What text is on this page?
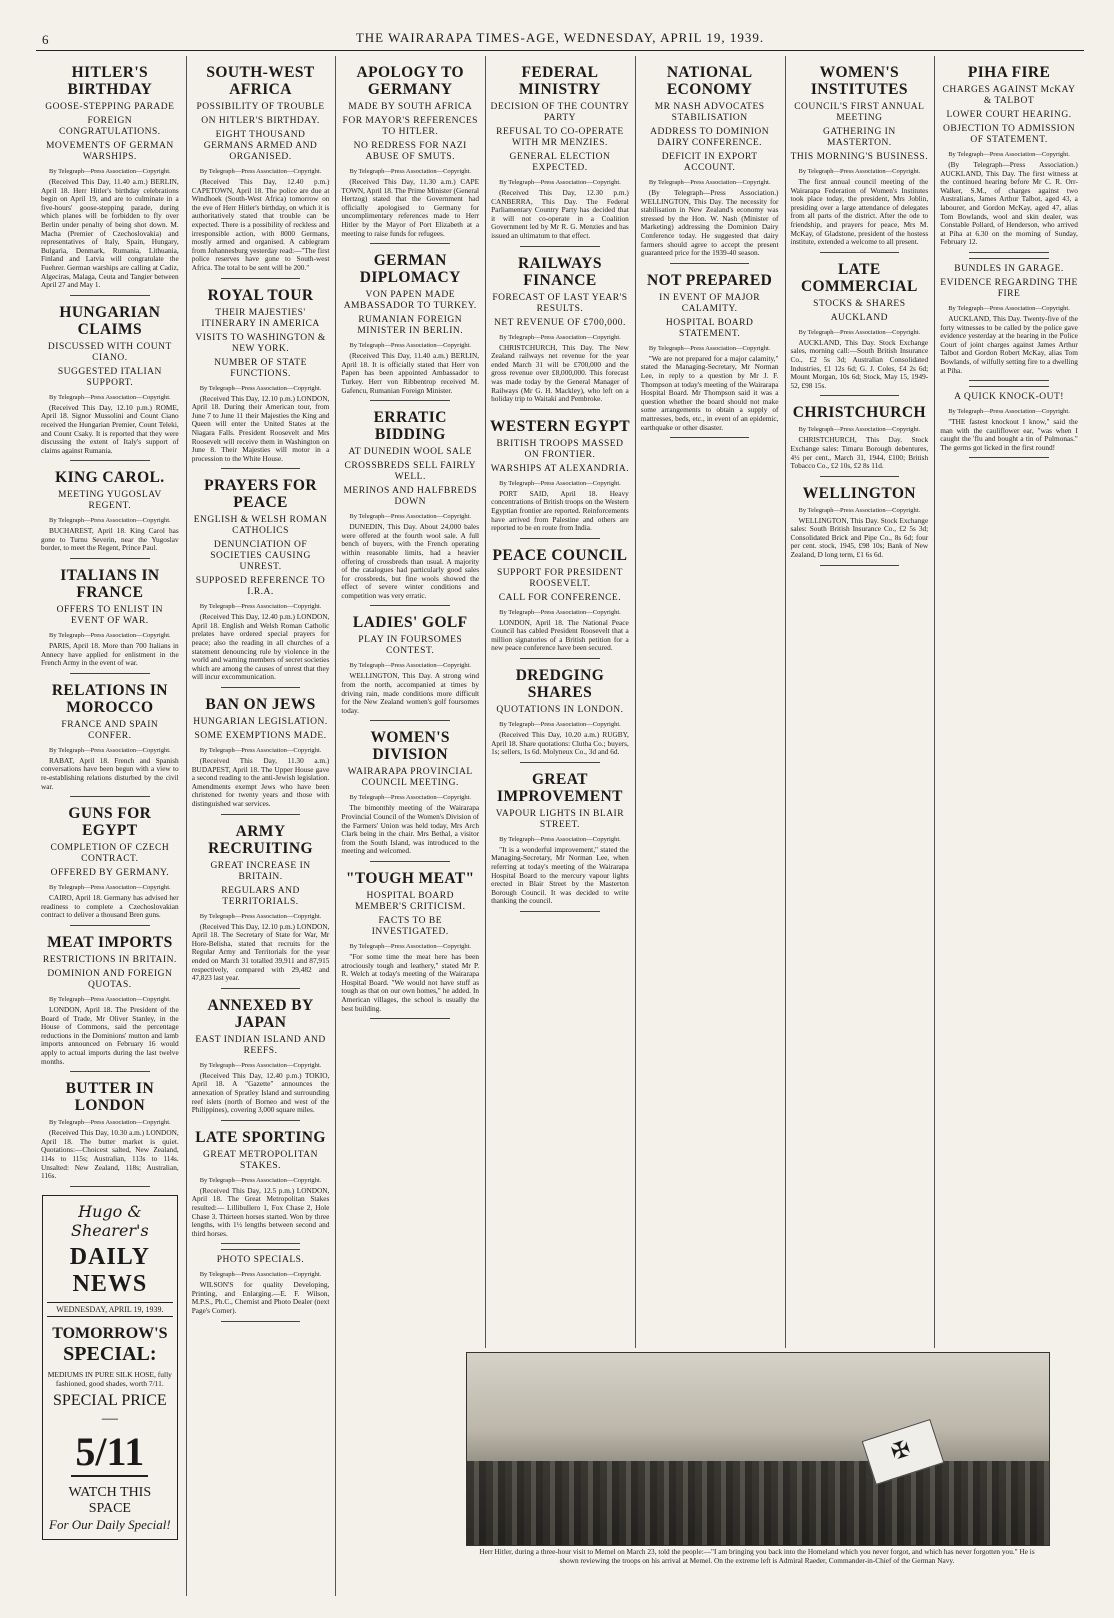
6	THE WAIRARAPA TIMES-AGE, WEDNESDAY, APRIL 19, 1939.
HITLER'S BIRTHDAY
GOOSE-STEPPING PARADE
FOREIGN CONGRATULATIONS.
MOVEMENTS OF GERMAN WARSHIPS.
By Telegraph—Press Association—Copyright.

(Received This Day, 11.40 a.m.) BERLIN, April 18. Herr Hitler's birthday celebrations begin on April 19, and are to culminate in a five-hours' goose-stepping parade, during which planes will be forbidden to fly over Berlin under penalty of being shot down. M. Macha (Premier of Czechoslovakia) and representatives of Italy, Spain, Hungary, Bulgaria, Denmark, Rumania, Lithuania, Finland and Latvia will congratulate the Fuehrer. German warships are calling at Cadiz, Algeciras, Malaga, Ceuta and Tangier between April 27 and May 1.

HUNGARIAN CLAIMS
DISCUSSED WITH COUNT CIANO.
SUGGESTED ITALIAN SUPPORT.
By Telegraph—Press Association—Copyright.

(Received This Day, 12.10 p.m.) ROME, April 18. Signor Mussolini and Count Ciano received the Hungarian Premier, Count Teleki, and Count Csaky. It is reported that they were discussing the extent of Italy's support of claims against Rumania.

KING CAROL.
MEETING YUGOSLAV REGENT.
By Telegraph—Press Association—Copyright.

BUCHAREST, April 18. King Carol has gone to Turnu Severin, near the Yugoslav border, to meet the Regent, Prince Paul.

ITALIANS IN FRANCE
OFFERS TO ENLIST IN EVENT OF WAR.
By Telegraph—Press Association—Copyright.

PARIS, April 18. More than 700 Italians in Annecy have applied for enlistment in the French Army in the event of war.

RELATIONS IN MOROCCO
FRANCE AND SPAIN CONFER.
By Telegraph—Press Association—Copyright.

RABAT, April 18. French and Spanish conversations have been begun with a view to re-establishing relations disturbed by the civil war.

GUNS FOR EGYPT
COMPLETION OF CZECH CONTRACT.
OFFERED BY GERMANY.
By Telegraph—Press Association—Copyright.

CAIRO, April 18. Germany has advised her readiness to complete a Czechoslovakian contract to deliver a thousand Bren guns.

MEAT IMPORTS
RESTRICTIONS IN BRITAIN.
DOMINION AND FOREIGN QUOTAS.
By Telegraph—Press Association—Copyright.

LONDON, April 18. The President of the Board of Trade, Mr Oliver Stanley, in the House of Commons, said the percentage reductions in the Dominions' mutton and lamb imports announced on February 16 would apply to actual imports during the last twelve months.

BUTTER IN LONDON
By Telegraph—Press Association—Copyright.

(Received This Day, 10.30 a.m.) LONDON, April 18. The butter market is quiet. Quotations:—Choicest salted, New Zealand, 114s to 115s; Australian, 113s to 114s. Unsalted: New Zealand, 118s; Australian, 116s.

Hugo & Shearer's
DAILY NEWS
WEDNESDAY, APRIL 19, 1939.
TOMORROW'S
SPECIAL:
MEDIUMS IN PURE SILK HOSE, fully fashioned, good shades, worth 7/11.
SPECIAL PRICE—
5/11
WATCH THIS SPACE
For Our Daily Special!
SOUTH-WEST AFRICA
POSSIBILITY OF TROUBLE
ON HITLER'S BIRTHDAY.
EIGHT THOUSAND GERMANS ARMED AND ORGANISED.
By Telegraph—Press Association—Copyright.

(Received This Day, 12.40 p.m.) CAPETOWN, April 18. The police are due at Windhoek (South-West Africa) tomorrow on the eve of Herr Hitler's birthday, on which it is authoritatively stated that trouble can be expected. There is a possibility of reckless and irresponsible action, with 8000 Germans, mostly armed and organised. A cablegram from Johannesburg yesterday read:—"The first police reserves have gone to South-west Africa. The total to be sent will be 200."

ROYAL TOUR
THEIR MAJESTIES' ITINERARY IN AMERICA
VISITS TO WASHINGTON & NEW YORK.
NUMBER OF STATE FUNCTIONS.
By Telegraph—Press Association—Copyright.

(Received This Day, 12.10 p.m.) LONDON, April 18. During their American tour, from June 7 to June 11 their Majesties the King and Queen will enter the United States at the Niagara Falls. President Roosevelt and Mrs Roosevelt will receive them in Washington on June 8. Their Majesties will motor in a procession to the White House.

PRAYERS FOR PEACE
ENGLISH & WELSH ROMAN CATHOLICS
DENUNCIATION OF SOCIETIES CAUSING UNREST.
SUPPOSED REFERENCE TO I.R.A.
By Telegraph—Press Association—Copyright.

(Received This Day, 12.40 p.m.) LONDON, April 18. English and Welsh Roman Catholic prelates have ordered special prayers for peace; also the reading in all churches of a statement denouncing rule by violence in the world and warning members of secret societies which are among the causes of unrest that they will incur excommunication.

BAN ON JEWS
HUNGARIAN LEGISLATION.
SOME EXEMPTIONS MADE.
By Telegraph—Press Association—Copyright.

(Received This Day, 11.30 a.m.) BUDAPEST, April 18. The Upper House gave a second reading to the anti-Jewish legislation. Amendments exempt Jews who have been christened for twenty years and those with distinguished war services.

ARMY RECRUITING
GREAT INCREASE IN BRITAIN.
REGULARS AND TERRITORIALS.
By Telegraph—Press Association—Copyright.

(Received This Day, 12.10 p.m.) LONDON, April 18. The Secretary of State for War, Mr Hore-Belisha, stated that recruits for the Regular Army and Territorials for the year ended on March 31 totalled 39,911 and 87,915 respectively, compared with 29,482 and 47,823 last year.

ANNEXED BY JAPAN
EAST INDIAN ISLAND AND REEFS.
By Telegraph—Press Association—Copyright.

(Received This Day, 12.40 p.m.) TOKIO, April 18. A "Gazette" announces the annexation of Spratley Island and surrounding reef islets (north of Borneo and west of the Philippines), covering 3,000 square miles.

LATE SPORTING
GREAT METROPOLITAN STAKES.
By Telegraph—Press Association—Copyright.

(Received This Day, 12.5 p.m.) LONDON, April 18. The Great Metropolitan Stakes resulted:— Lillibullero 1, Fox Chase 2, Hole Chase 3. Thirteen horses started. Won by three lengths, with 1½ lengths between second and third horses.

PHOTO SPECIALS.
By Telegraph—Press Association—Copyright.

WILSON'S for quality Developing, Printing, and Enlarging.—E. F. Wilson, M.P.S., Ph.C., Chemist and Photo Dealer (next Page's Corner).

APOLOGY TO GERMANY
MADE BY SOUTH AFRICA
FOR MAYOR'S REFERENCES TO HITLER.
NO REDRESS FOR NAZI ABUSE OF SMUTS.
By Telegraph—Press Association—Copyright.

(Received This Day, 11.30 a.m.) CAPE TOWN, April 18. The Prime Minister (General Hertzog) stated that the Government had officially apologised to Germany for uncomplimentary references made to Herr Hitler by the Mayor of Port Elizabeth at a meeting to raise funds for refugees.

GERMAN DIPLOMACY
VON PAPEN MADE AMBASSADOR TO TURKEY.
RUMANIAN FOREIGN MINISTER IN BERLIN.
By Telegraph—Press Association—Copyright.

(Received This Day, 11.40 a.m.) BERLIN, April 18. It is officially stated that Herr von Papen has been appointed Ambassador to Turkey. Herr von Ribbentrop received M. Gafencu, Rumanian Foreign Minister.

ERRATIC BIDDING
AT DUNEDIN WOOL SALE
CROSSBREDS SELL FAIRLY WELL.
MERINOS AND HALFBREDS DOWN
By Telegraph—Press Association—Copyright.

DUNEDIN, This Day. About 24,000 bales were offered at the fourth wool sale. A full bench of buyers, with the French operating within reasonable limits, had a heavier offering of crossbreds than usual. A majority of the catalogues had particularly good sales for crossbreds, but fine wools showed the effect of severe winter conditions and competition was very erratic.

LADIES' GOLF
PLAY IN FOURSOMES CONTEST.
By Telegraph—Press Association—Copyright.

WELLINGTON, This Day. A strong wind from the north, accompanied at times by driving rain, made conditions more difficult for the New Zealand women's golf foursomes today.

WOMEN'S DIVISION
WAIRARAPA PROVINCIAL COUNCIL MEETING.
By Telegraph—Press Association—Copyright.

The bimonthly meeting of the Wairarapa Provincial Council of the Women's Division of the Farmers' Union was held today, Mrs Arch Clark being in the chair. Mrs Bethal, a visitor from the South Island, was introduced to the meeting and welcomed.

"TOUGH MEAT"
HOSPITAL BOARD MEMBER'S CRITICISM.
FACTS TO BE INVESTIGATED.
By Telegraph—Press Association—Copyright.

"For some time the meat here has been atrociously tough and leathery," stated Mr P. R. Welch at today's meeting of the Wairarapa Hospital Board. "We would not have stuff as tough as that on our own homes," he added. In American villages, the school is usually the best building.

FEDERAL MINISTRY
DECISION OF THE COUNTRY PARTY
REFUSAL TO CO-OPERATE WITH MR MENZIES.
GENERAL ELECTION EXPECTED.
By Telegraph—Press Association—Copyright.

(Received This Day, 12.30 p.m.) CANBERRA, This Day. The Federal Parliamentary Country Party has decided that it will not co-operate in a Coalition Government led by Mr R. G. Menzies and has issued an ultimatum to that effect.

RAILWAYS FINANCE
FORECAST OF LAST YEAR'S RESULTS.
NET REVENUE OF £700,000.
By Telegraph—Press Association—Copyright.

CHRISTCHURCH, This Day. The New Zealand railways net revenue for the year ended March 31 will be £700,000 and the gross revenue over £8,000,000. This forecast was made today by the General Manager of Railways (Mr G. H. Mackley), who left on a holiday trip to Waitaki and Pembroke.

WESTERN EGYPT
BRITISH TROOPS MASSED ON FRONTIER.
WARSHIPS AT ALEXANDRIA.
By Telegraph—Press Association—Copyright.

PORT SAID, April 18. Heavy concentrations of British troops on the Western Egyptian frontier are reported. Reinforcements have arrived from Palestine and others are reported to be en route from India.

PEACE COUNCIL
SUPPORT FOR PRESIDENT ROOSEVELT.
CALL FOR CONFERENCE.
By Telegraph—Press Association—Copyright.

LONDON, April 18. The National Peace Council has cabled President Roosevelt that a million signatories of a British petition for a new peace conference have been secured.

DREDGING SHARES
QUOTATIONS IN LONDON.
By Telegraph—Press Association—Copyright.

(Received This Day, 10.20 a.m.) RUGBY, April 18. Share quotations: Clutha Co.; buyers, 1s; sellers, 1s 6d. Molyneux Co., 3d and 6d.

GREAT IMPROVEMENT
VAPOUR LIGHTS IN BLAIR STREET.
By Telegraph—Press Association—Copyright.

"It is a wonderful improvement," stated the Managing-Secretary, Mr Norman Lee, when referring at today's meeting of the Wairarapa Hospital Board to the mercury vapour lights erected in Blair Street by the Masterton Borough Council. It was decided to write thanking the council.

NATIONAL ECONOMY
MR NASH ADVOCATES STABILISATION
ADDRESS TO DOMINION DAIRY CONFERENCE.
DEFICIT IN EXPORT ACCOUNT.
By Telegraph—Press Association—Copyright.

(By Telegraph—Press Association.) WELLINGTON, This Day. The necessity for stabilisation in New Zealand's economy was stressed by the Hon. W. Nash (Minister of Marketing) addressing the Dominion Dairy Conference today. He suggested that dairy farmers should agree to accept the present guaranteed price for the 1939-40 season.

NOT PREPARED
IN EVENT OF MAJOR CALAMITY.
HOSPITAL BOARD STATEMENT.
By Telegraph—Press Association—Copyright.

"We are not prepared for a major calamity," stated the Managing-Secretary, Mr Norman Lee, in reply to a question by Mr J. F. Thompson at today's meeting of the Wairarapa Hospital Board. Mr Thompson said it was a question whether the board should not make some arrangements to obtain a supply of mattresses, beds, etc., in event of an epidemic, earthquake or other disaster.

WOMEN'S INSTITUTES
COUNCIL'S FIRST ANNUAL MEETING
GATHERING IN MASTERTON.
THIS MORNING'S BUSINESS.
By Telegraph—Press Association—Copyright.

The first annual council meeting of the Wairarapa Federation of Women's Institutes took place today, the president, Mrs Joblin, presiding over a large attendance of delegates from all parts of the district. After the ode to friendship, and prayers for peace, Mrs M. McKay, of Gladstone, president of the hostess institute, extended a welcome to all present.

LATE COMMERCIAL
STOCKS & SHARES
AUCKLAND
By Telegraph—Press Association—Copyright.

AUCKLAND, This Day. Stock Exchange sales, morning call:—South British Insurance Co., £2 5s 3d; Australian Consolidated Industries, £1 12s 6d; G. J. Coles, £4 2s 6d; Mount Morgan, 10s 6d; Stock, May 15, 1949-52, £98 15s.

CHRISTCHURCH
By Telegraph—Press Association—Copyright.

CHRISTCHURCH, This Day. Stock Exchange sales: Timaru Borough debentures, 4½ per cent., March 31, 1944, £100; British Tobacco Co., £2 10s, £2 8s 11d.

WELLINGTON
By Telegraph—Press Association—Copyright.

WELLINGTON, This Day. Stock Exchange sales: South British Insurance Co., £2 5s 3d; Consolidated Brick and Pipe Co., 8s 6d; four per cent. stock, 1945, £98 10s; Bank of New Zealand, D long term, £1 6s 6d.

PIHA FIRE
CHARGES AGAINST McKAY & TALBOT
LOWER COURT HEARING.
OBJECTION TO ADMISSION OF STATEMENT.
By Telegraph—Press Association—Copyright.

(By Telegraph—Press Association.) AUCKLAND, This Day. The first witness at the continued hearing before Mr C. R. Orr-Walker, S.M., of charges against two Australians, James Arthur Talbot, aged 43, a labourer, and Gordon McKay, aged 47, alias Tom Bowlands, wool and skin dealer, was Constable Pollard, of Henderson, who arrived at Piha at 6.30 on the morning of Sunday, February 12.

BUNDLES IN GARAGE.
EVIDENCE REGARDING THE FIRE
By Telegraph—Press Association—Copyright.

AUCKLAND, This Day. Twenty-five of the forty witnesses to be called by the police gave evidence yesterday at the hearing in the Police Court of joint charges against James Arthur Talbot and Gordon Robert McKay, alias Tom Bowlands, of wilfully setting fire to a dwelling at Piha.

A QUICK KNOCK-OUT!
By Telegraph—Press Association—Copyright.

"THE fastest knockout I know," said the man with the cauliflower ear, "was when I caught the 'flu and bought a tin of Pulmonas." The germs got licked in the first round!

✠
Herr Hitler, during a three-hour visit to Memel on March 23, told the people:—"I am bringing you back into the Homeland which you never forgot, and which has never forgotten you." He is shown reviewing the troops on his arrival at Memel. On the extreme left is Admiral Raeder, Commander-in-Chief of the German Navy.
